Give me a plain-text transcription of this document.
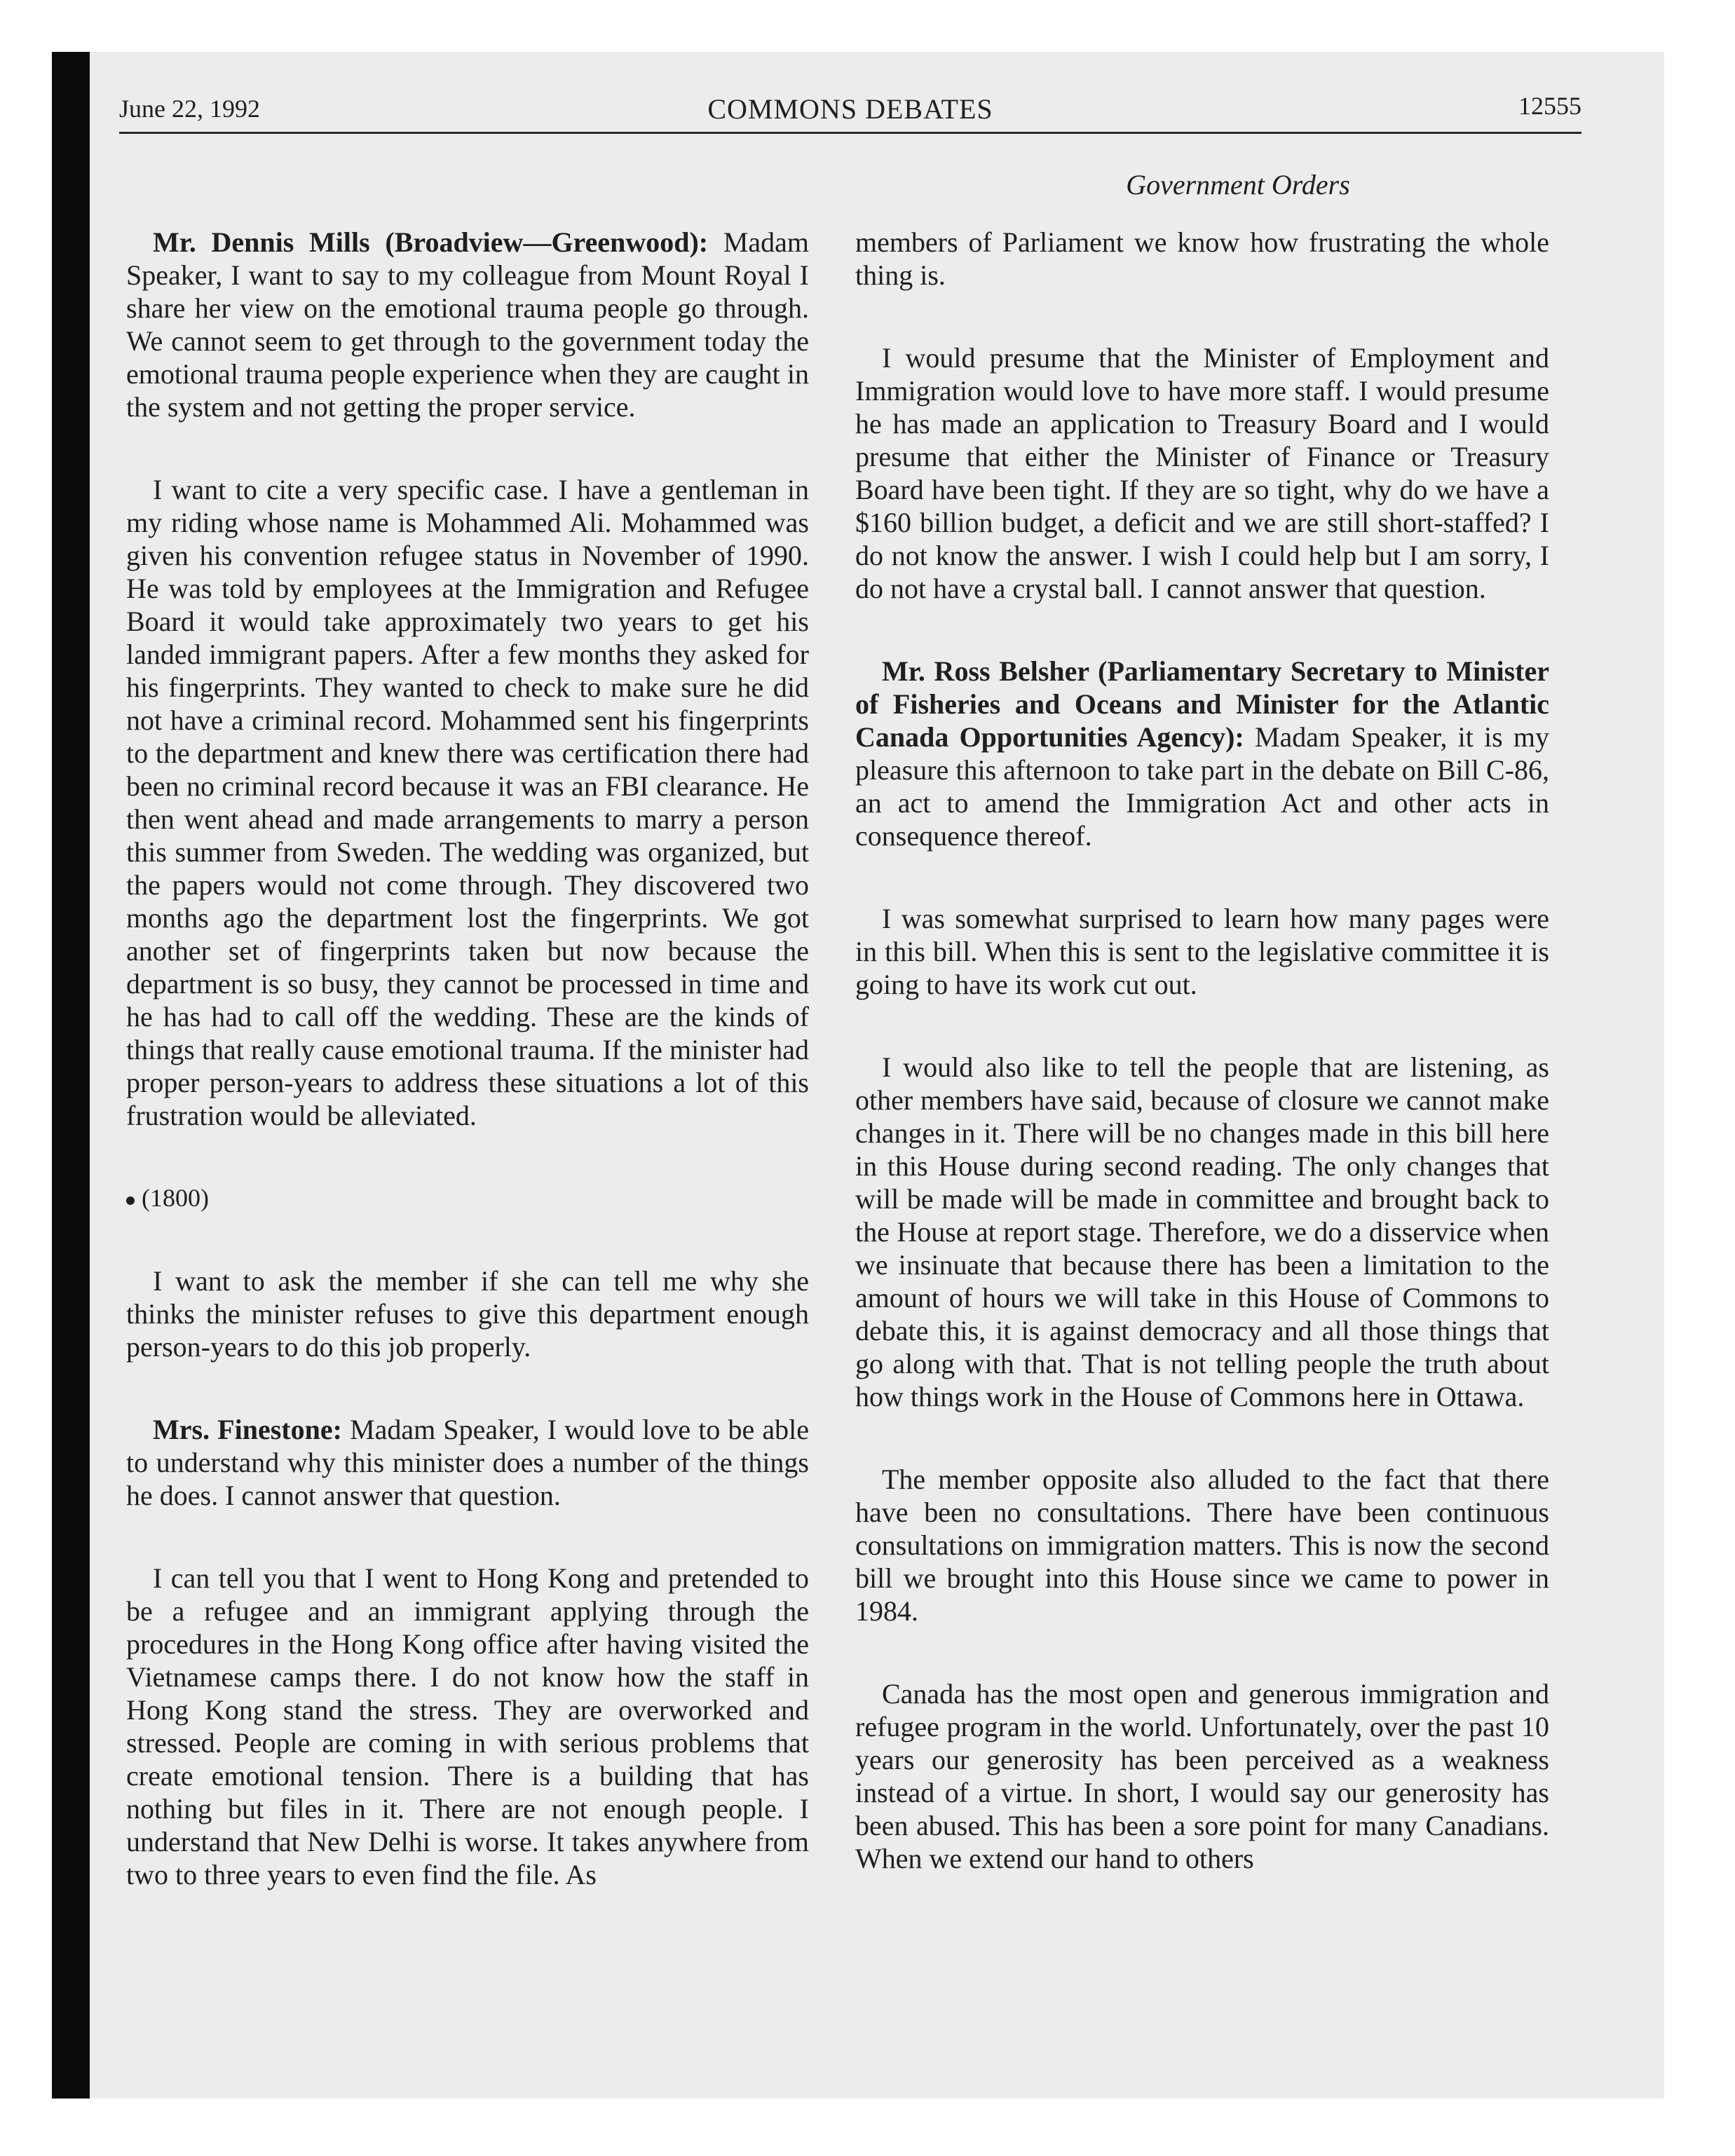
June 22, 1992	COMMONS DEBATES	12555
Government Orders

Mr. Dennis Mills (Broadview—Greenwood): Madam Speaker, I want to say to my colleague from Mount Royal I share her view on the emotional trauma people go through. We cannot seem to get through to the government today the emotional trauma people experience when they are caught in the system and not getting the proper service.

I want to cite a very specific case. I have a gentleman in my riding whose name is Mohammed Ali. Mohammed was given his convention refugee status in November of 1990. He was told by employees at the Immigration and Refugee Board it would take approximately two years to get his landed immigrant papers. After a few months they asked for his fingerprints. They wanted to check to make sure he did not have a criminal record. Mohammed sent his fingerprints to the department and knew there was certification there had been no criminal record because it was an FBI clearance. He then went ahead and made arrangements to marry a person this summer from Sweden. The wedding was organized, but the papers would not come through. They discovered two months ago the department lost the fingerprints. We got another set of fingerprints taken but now because the department is so busy, they cannot be processed in time and he has had to call off the wedding. These are the kinds of things that really cause emotional trauma. If the minister had proper person-years to address these situations a lot of this frustration would be alleviated.

(1800)

I want to ask the member if she can tell me why she thinks the minister refuses to give this department enough person-years to do this job properly.

Mrs. Finestone: Madam Speaker, I would love to be able to understand why this minister does a number of the things he does. I cannot answer that question.

I can tell you that I went to Hong Kong and pretended to be a refugee and an immigrant applying through the procedures in the Hong Kong office after having visited the Vietnamese camps there. I do not know how the staff in Hong Kong stand the stress. They are overworked and stressed. People are coming in with serious problems that create emotional tension. There is a building that has nothing but files in it. There are not enough people. I understand that New Delhi is worse. It takes anywhere from two to three years to even find the file. As

members of Parliament we know how frustrating the whole thing is.

I would presume that the Minister of Employment and Immigration would love to have more staff. I would presume he has made an application to Treasury Board and I would presume that either the Minister of Finance or Treasury Board have been tight. If they are so tight, why do we have a $160 billion budget, a deficit and we are still short-staffed? I do not know the answer. I wish I could help but I am sorry, I do not have a crystal ball. I cannot answer that question.

Mr. Ross Belsher (Parliamentary Secretary to Minister of Fisheries and Oceans and Minister for the Atlantic Canada Opportunities Agency): Madam Speaker, it is my pleasure this afternoon to take part in the debate on Bill C-86, an act to amend the Immigration Act and other acts in consequence thereof.

I was somewhat surprised to learn how many pages were in this bill. When this is sent to the legislative committee it is going to have its work cut out.

I would also like to tell the people that are listening, as other members have said, because of closure we cannot make changes in it. There will be no changes made in this bill here in this House during second reading. The only changes that will be made will be made in committee and brought back to the House at report stage. Therefore, we do a disservice when we insinuate that because there has been a limitation to the amount of hours we will take in this House of Commons to debate this, it is against democracy and all those things that go along with that. That is not telling people the truth about how things work in the House of Commons here in Ottawa.

The member opposite also alluded to the fact that there have been no consultations. There have been continuous consultations on immigration matters. This is now the second bill we brought into this House since we came to power in 1984.

Canada has the most open and generous immigration and refugee program in the world. Unfortunately, over the past 10 years our generosity has been perceived as a weakness instead of a virtue. In short, I would say our generosity has been abused. This has been a sore point for many Canadians. When we extend our hand to others
